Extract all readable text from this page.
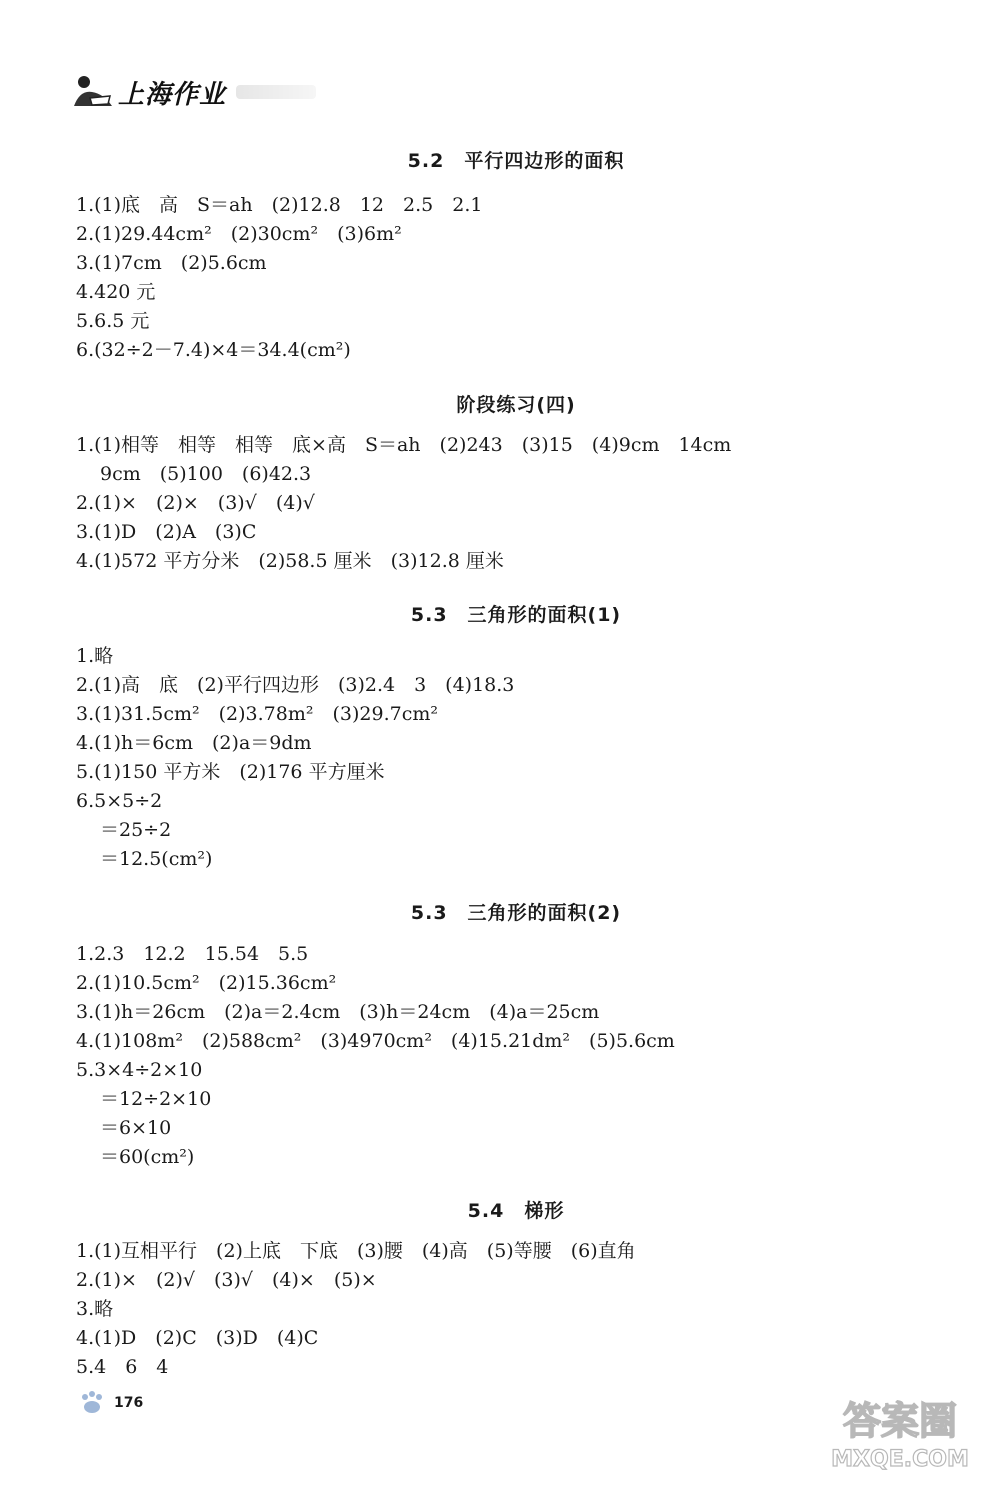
上海作业
5.2　平行四边形的面积
1.(1)底　高　S＝ah　(2)12.8　12　2.5　2.1
2.(1)29.44cm²　(2)30cm²　(3)6m²
3.(1)7cm　(2)5.6cm
4.420 元
5.6.5 元
6.(32÷2－7.4)×4＝34.4(cm²)
阶段练习(四)
1.(1)相等　相等　相等　底×高　S＝ah　(2)243　(3)15　(4)9cm　14cm
9cm　(5)100　(6)42.3
2.(1)×　(2)×　(3)√　(4)√
3.(1)D　(2)A　(3)C
4.(1)572 平方分米　(2)58.5 厘米　(3)12.8 厘米
5.3　三角形的面积(1)
1.略
2.(1)高　底　(2)平行四边形　(3)2.4　3　(4)18.3
3.(1)31.5cm²　(2)3.78m²　(3)29.7cm²
4.(1)h＝6cm　(2)a＝9dm
5.(1)150 平方米　(2)176 平方厘米
6.5×5÷2
＝25÷2
＝12.5(cm²)
5.3　三角形的面积(2)
1.2.3　12.2　15.54　5.5
2.(1)10.5cm²　(2)15.36cm²
3.(1)h＝26cm　(2)a＝2.4cm　(3)h＝24cm　(4)a＝25cm
4.(1)108m²　(2)588cm²　(3)4970cm²　(4)15.21dm²　(5)5.6cm
5.3×4÷2×10
＝12÷2×10
＝6×10
＝60(cm²)
5.4　梯形
1.(1)互相平行　(2)上底　下底　(3)腰　(4)高　(5)等腰　(6)直角
2.(1)×　(2)√　(3)√　(4)×　(5)×
3.略
4.(1)D　(2)C　(3)D　(4)C
5.4　6　4
176	答案圈
MXQE.COM
